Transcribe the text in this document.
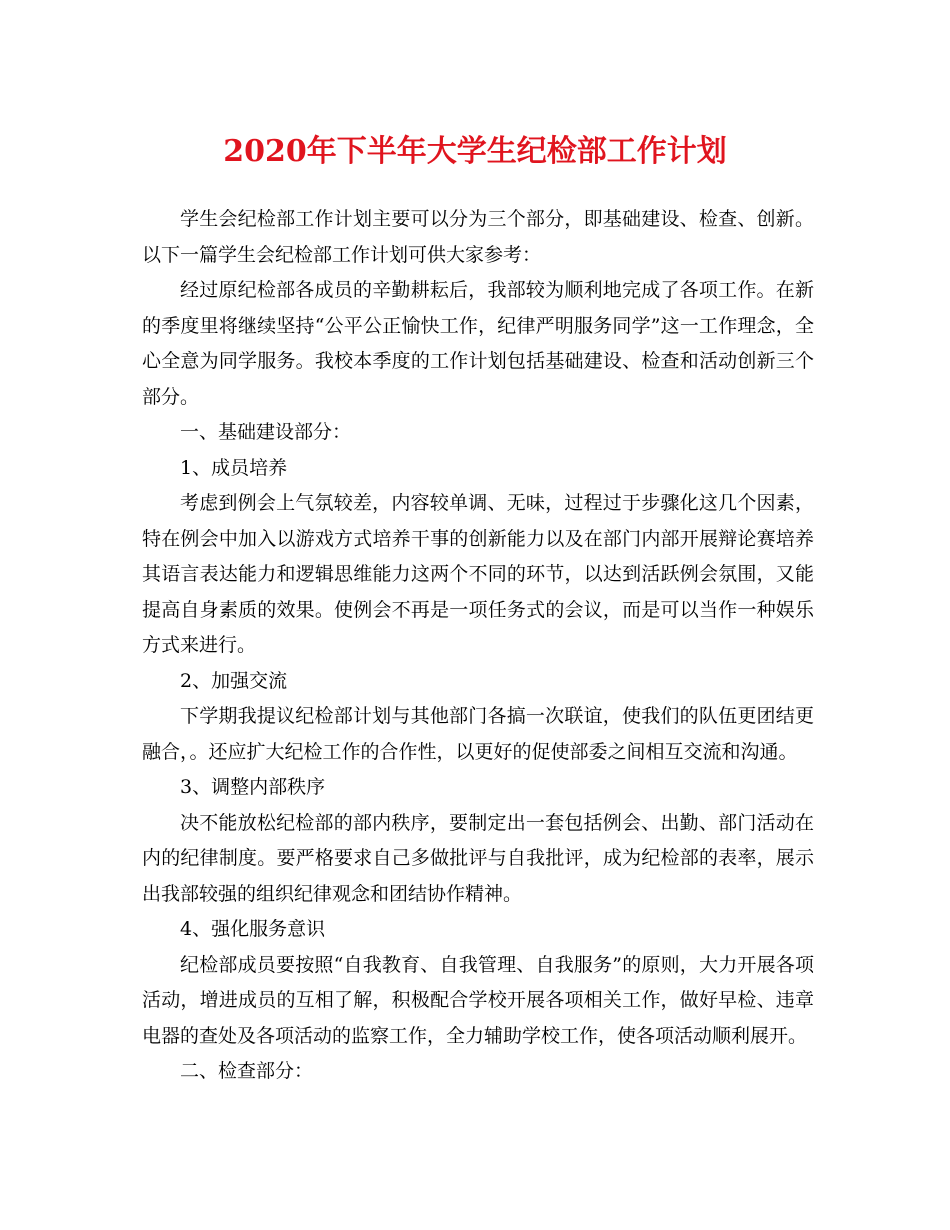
2020年下半年大学生纪检部工作计划

学生会纪检部工作计划主要可以分为三个部分，即基础建设、检查、创新。以下一篇学生会纪检部工作计划可供大家参考：

经过原纪检部各成员的辛勤耕耘后，我部较为顺利地完成了各项工作。在新的季度里将继续坚持“公平公正愉快工作，纪律严明服务同学”这一工作理念，全心全意为同学服务。我校本季度的工作计划包括基础建设、检查和活动创新三个部分。

一、基础建设部分：

1、成员培养

考虑到例会上气氛较差，内容较单调、无味，过程过于步骤化这几个因素，特在例会中加入以游戏方式培养干事的创新能力以及在部门内部开展辩论赛培养其语言表达能力和逻辑思维能力这两个不同的环节，以达到活跃例会氛围，又能提高自身素质的效果。使例会不再是一项任务式的会议，而是可以当作一种娱乐方式来进行。

2、加强交流

下学期我提议纪检部计划与其他部门各搞一次联谊，使我们的队伍更团结更融合，。还应扩大纪检工作的合作性，以更好的促使部委之间相互交流和沟通。

3、调整内部秩序

决不能放松纪检部的部内秩序，要制定出一套包括例会、出勤、部门活动在内的纪律制度。要严格要求自己多做批评与自我批评，成为纪检部的表率，展示出我部较强的组织纪律观念和团结协作精神。

4、强化服务意识

纪检部成员要按照“自我教育、自我管理、自我服务”的原则，大力开展各项活动，增进成员的互相了解，积极配合学校开展各项相关工作，做好早检、违章电器的查处及各项活动的监察工作，全力辅助学校工作，使各项活动顺利展开。

二、检查部分：
